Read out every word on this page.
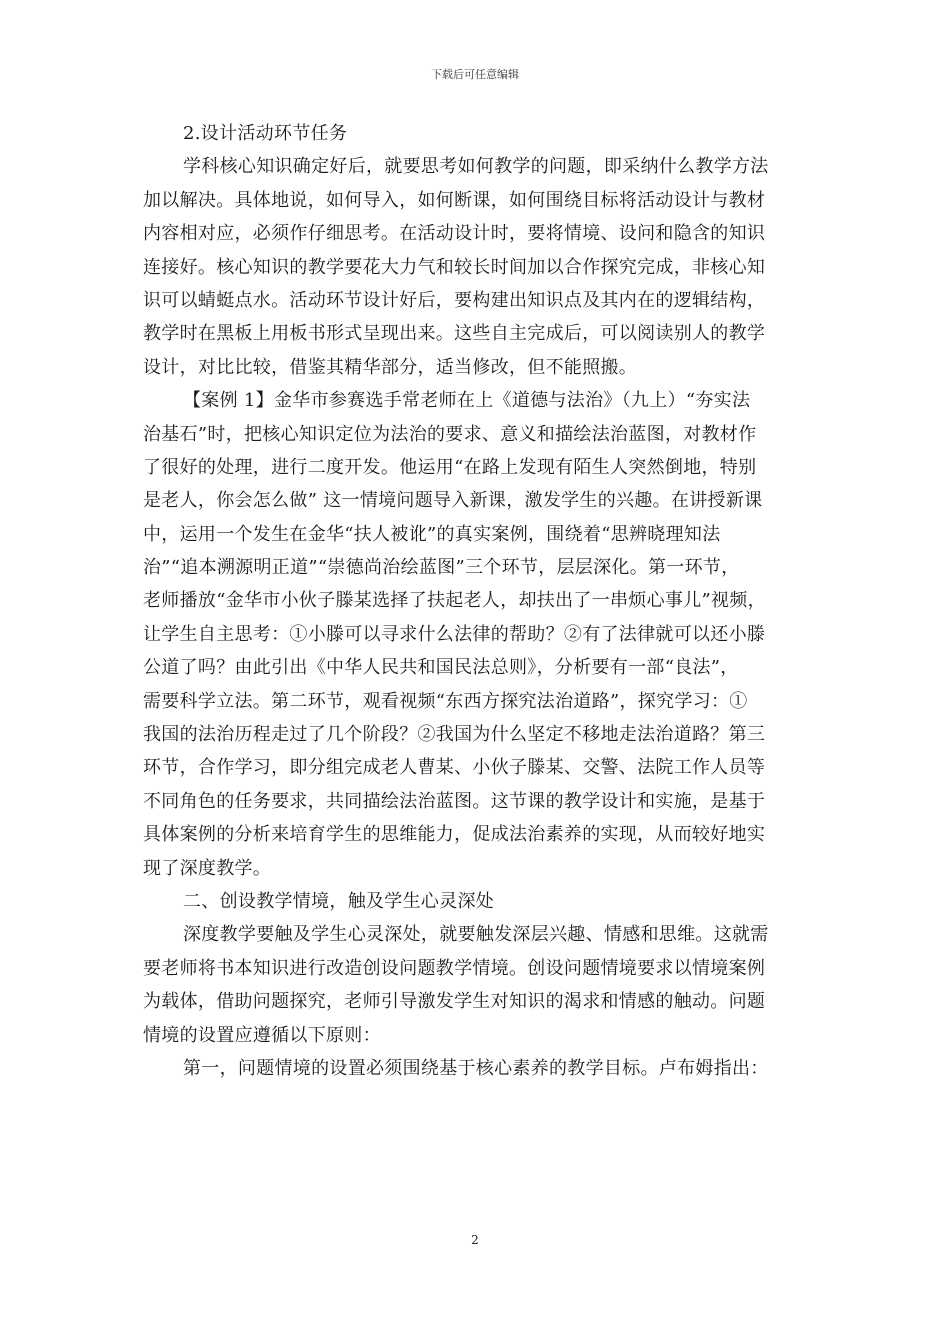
下载后可任意编辑
2.设计活动环节任务
学科核心知识确定好后，就要思考如何教学的问题，即采纳什么教学方法
加以解决。具体地说，如何导入，如何断课，如何围绕目标将活动设计与教材
内容相对应，必须作仔细思考。在活动设计时，要将情境、设问和隐含的知识
连接好。核心知识的教学要花大力气和较长时间加以合作探究完成，非核心知
识可以蜻蜓点水。活动环节设计好后，要构建出知识点及其内在的逻辑结构，
教学时在黑板上用板书形式呈现出来。这些自主完成后，可以阅读别人的教学
设计，对比比较，借鉴其精华部分，适当修改，但不能照搬。
【案例 1】金华市参赛选手常老师在上《道德与法治》（九上）“夯实法
治基石”时，把核心知识定位为法治的要求、意义和描绘法治蓝图，对教材作
了很好的处理，进行二度开发。他运用“在路上发现有陌生人突然倒地，特别
是老人，你会怎么做” 这一情境问题导入新课，激发学生的兴趣。在讲授新课
中，运用一个发生在金华“扶人被讹”的真实案例，围绕着“思辨晓理知法
治”“追本溯源明正道”“崇德尚治绘蓝图”三个环节，层层深化。第一环节，
老师播放“金华市小伙子滕某选择了扶起老人，却扶出了一串烦心事儿”视频，
让学生自主思考：①小滕可以寻求什么法律的帮助？②有了法律就可以还小滕
公道了吗？由此引出《中华人民共和国民法总则》，分析要有一部“良法”，
需要科学立法。第二环节，观看视频“东西方探究法治道路”，探究学习：①
我国的法治历程走过了几个阶段？②我国为什么坚定不移地走法治道路？第三
环节，合作学习，即分组完成老人曹某、小伙子滕某、交警、法院工作人员等
不同角色的任务要求，共同描绘法治蓝图。这节课的教学设计和实施，是基于
具体案例的分析来培育学生的思维能力，促成法治素养的实现，从而较好地实
现了深度教学。
二、创设教学情境，触及学生心灵深处
深度教学要触及学生心灵深处，就要触发深层兴趣、情感和思维。这就需
要老师将书本知识进行改造创设问题教学情境。创设问题情境要求以情境案例
为载体，借助问题探究，老师引导激发学生对知识的渴求和情感的触动。问题
情境的设置应遵循以下原则：
第一，问题情境的设置必须围绕基于核心素养的教学目标。卢布姆指出：
2
